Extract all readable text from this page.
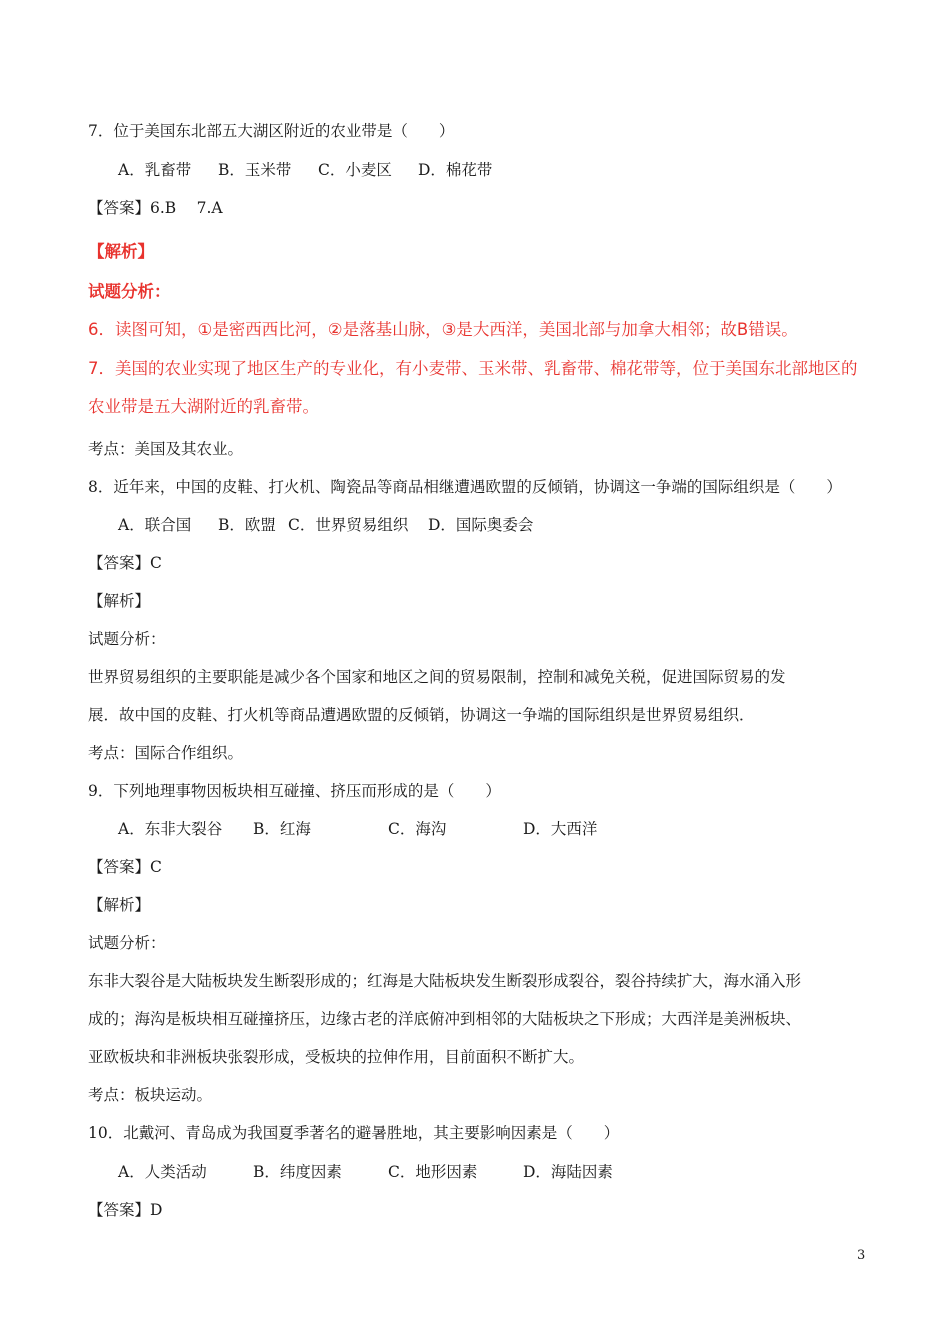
7．位于美国东北部五大湖区附近的农业带是（　　）
A．乳畜带 B．玉米带 C．小麦区 D．棉花带
【答案】6.B　 7.A
【解析】
试题分析：
6．读图可知，①是密西西比河，②是落基山脉，③是大西洋，美国北部与加拿大相邻；故B错误。
7．美国的农业实现了地区生产的专业化，有小麦带、玉米带、乳畜带、棉花带等，位于美国东北部地区的
农业带是五大湖附近的乳畜带。
考点：美国及其农业。
8．近年来，中国的皮鞋、打火机、陶瓷品等商品相继遭遇欧盟的反倾销，协调这一争端的国际组织是（　　）
A．联合国 B．欧盟 C．世界贸易组织 D．国际奥委会
【答案】C
【解析】
试题分析：
世界贸易组织的主要职能是减少各个国家和地区之间的贸易限制，控制和减免关税，促进国际贸易的发
展．故中国的皮鞋、打火机等商品遭遇欧盟的反倾销，协调这一争端的国际组织是世界贸易组织．
考点：国际合作组织。
9．下列地理事物因板块相互碰撞、挤压而形成的是（　　）
A．东非大裂谷 B．红海	C．海沟	D．大西洋
【答案】C
【解析】
试题分析：
东非大裂谷是大陆板块发生断裂形成的；红海是大陆板块发生断裂形成裂谷，裂谷持续扩大，海水涌入形
成的；海沟是板块相互碰撞挤压，边缘古老的洋底俯冲到相邻的大陆板块之下形成；大西洋是美洲板块、
亚欧板块和非洲板块张裂形成，受板块的拉伸作用，目前面积不断扩大。
考点：板块运动。
10．北戴河、青岛成为我国夏季著名的避暑胜地，其主要影响因素是（　　）
A．人类活动	B．纬度因素	C．地形因素	D．海陆因素
【答案】D
3
